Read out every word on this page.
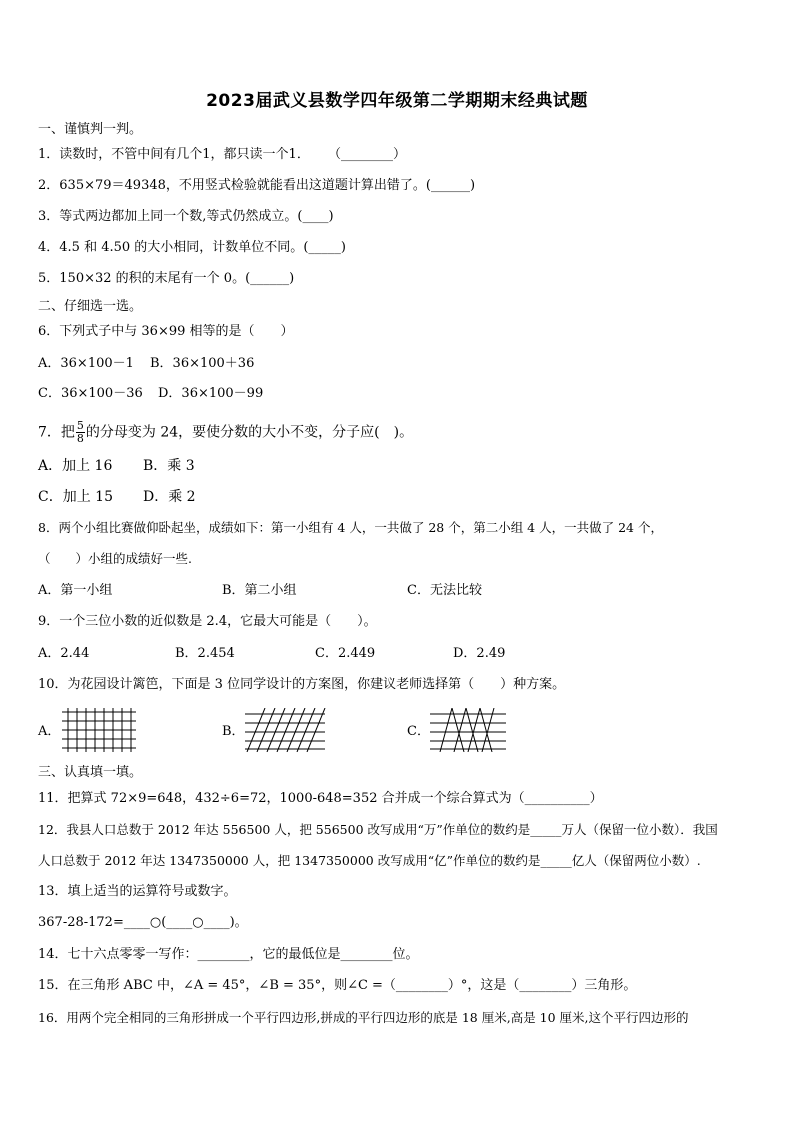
2023届武义县数学四年级第二学期期末经典试题
一、谨慎判一判。
1．读数时，不管中间有几个1，都只读一个1． （________）
2．635×79＝49348，不用竖式检验就能看出这道题计算出错了。(______)
3．等式两边都加上同一个数,等式仍然成立。(____)
4．4.5 和 4.50 的大小相同，计数单位不同。(_____)
5．150×32 的积的末尾有一个 0。(______)
二、仔细选一选。
6．下列式子中与 36×99 相等的是（　　）
A．36×100－1 B．36×100＋36
C．36×100－36 D．36×100－99
7．把 $\frac{5}{8}$ 的分母变为 24，要使分数的大小不变，分子应(　)。
A．加上 16 B．乘 3
C．加上 15 D．乘 2
8．两个小组比赛做仰卧起坐，成绩如下：第一小组有 4 人，一共做了 28 个，第二小组 4 人，一共做了 24 个，
（　　）小组的成绩好一些.
A．第一小组	B．第二小组	C．无法比较
9．一个三位小数的近似数是 2.4，它最大可能是（　　）。
A．2.44	B．2.454	C．2.449	D．2.49
10．为花园设计篱笆，下面是 3 位同学设计的方案图，你建议老师选择第（　　）种方案。
A．	B．	C．
三、认真填一填。
11．把算式 72×9=648，432÷6=72，1000-648=352 合并成一个综合算式为（__________）
12．我县人口总数于 2012 年达 556500 人，把 556500 改写成用“万”作单位的数约是_____万人（保留一位小数）．我国
人口总数于 2012 年达 1347350000 人，把 1347350000 改写成用“亿”作单位的数约是_____亿人（保留两位小数）.
13．填上适当的运算符号或数字。
367-28-172=____○(____○____)。
14．七十六点零零一写作：________，它的最低位是________位。
15．在三角形 ABC 中，∠A = 45°，∠B = 35°，则∠C =（________）°，这是（________）三角形。
16．用两个完全相同的三角形拼成一个平行四边形,拼成的平行四边形的底是 18 厘米,高是 10 厘米,这个平行四边形的
